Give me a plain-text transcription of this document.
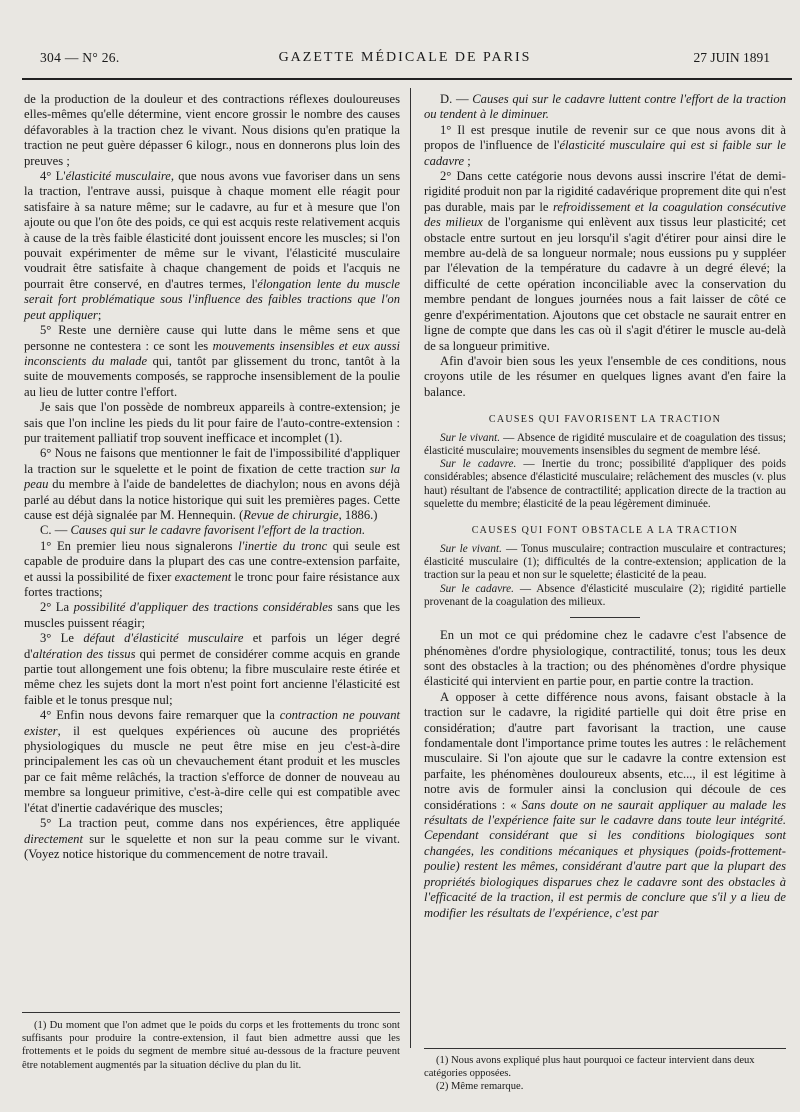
304 — N° 26.	GAZETTE MÉDICALE DE PARIS	27 JUIN 1891

de la production de la douleur et des contractions réflexes douloureuses elles-mêmes qu'elle détermine, vient encore grossir le nombre des causes défavorables à la traction chez le vivant. Nous disions qu'en pratique la traction ne peut guère dépasser 6 kilogr., nous en donnerons plus loin des preuves ;

4° L'élasticité musculaire, que nous avons vue favoriser dans un sens la traction, l'entrave aussi, puisque à chaque moment elle réagit pour satisfaire à sa nature même; sur le cadavre, au fur et à mesure que l'on ajoute ou que l'on ôte des poids, ce qui est acquis reste relativement acquis à cause de la très faible élasticité dont jouissent encore les muscles; si l'on pouvait expérimenter de même sur le vivant, l'élasticité musculaire voudrait être satisfaite à chaque changement de poids et l'acquis ne pourrait être conservé, en d'autres termes, l'élongation lente du muscle serait fort problématique sous l'influence des faibles tractions que l'on peut appliquer;

5° Reste une dernière cause qui lutte dans le même sens et que personne ne contestera : ce sont les mouvements insensibles et eux aussi inconscients du malade qui, tantôt par glissement du tronc, tantôt à la suite de mouvements composés, se rapproche insensiblement de la poulie au lieu de lutter contre l'effort.

Je sais que l'on possède de nombreux appareils à contre-extension; je sais que l'on incline les pieds du lit pour faire de l'auto-contre-extension : pur traitement palliatif trop souvent inefficace et incomplet (1).

6° Nous ne faisons que mentionner le fait de l'impossibilité d'appliquer la traction sur le squelette et le point de fixation de cette traction sur la peau du membre à l'aide de bandelettes de diachylon; nous en avons déjà parlé au début dans la notice historique qui suit les premières pages. Cette cause est déjà signalée par M. Hennequin. (Revue de chirurgie, 1886.)

C. — Causes qui sur le cadavre favorisent l'effort de la traction.

1° En premier lieu nous signalerons l'inertie du tronc qui seule est capable de produire dans la plupart des cas une contre-extension parfaite, et aussi la possibilité de fixer exactement le tronc pour faire résistance aux fortes tractions;

2° La possibilité d'appliquer des tractions considérables sans que les muscles puissent réagir;

3° Le défaut d'élasticité musculaire et parfois un léger degré d'altération des tissus qui permet de considérer comme acquis en grande partie tout allongement une fois obtenu; la fibre musculaire reste étirée et même chez les sujets dont la mort n'est point fort ancienne l'élasticité est faible et le tonus presque nul;

4° Enfin nous devons faire remarquer que la contraction ne pouvant exister, il est quelques expériences où aucune des propriétés physiologiques du muscle ne peut être mise en jeu c'est-à-dire principalement les cas où un chevauchement étant produit et les muscles par ce fait même relâchés, la traction s'efforce de donner de nouveau au membre sa longueur primitive, c'est-à-dire celle qui est compatible avec l'état d'inertie cadavérique des muscles;

5° La traction peut, comme dans nos expériences, être appliquée directement sur le squelette et non sur la peau comme sur le vivant. (Voyez notice historique du commencement de notre travail.

(1) Du moment que l'on admet que le poids du corps et les frottements du tronc sont suffisants pour produire la contre-extension, il faut bien admettre aussi que les frottements et le poids du segment de membre situé au-dessous de la fracture peuvent être notablement augmentés par la situation déclive du plan du lit.

D. — Causes qui sur le cadavre luttent contre l'effort de la traction ou tendent à le diminuer.

1° Il est presque inutile de revenir sur ce que nous avons dit à propos de l'influence de l'élasticité musculaire qui est si faible sur le cadavre ;

2° Dans cette catégorie nous devons aussi inscrire l'état de demi-rigidité produit non par la rigidité cadavérique proprement dite qui n'est pas durable, mais par le refroidissement et la coagulation consécutive des milieux de l'organisme qui enlèvent aux tissus leur plasticité; cet obstacle entre surtout en jeu lorsqu'il s'agit d'étirer pour ainsi dire le membre au-delà de sa longueur normale; nous eussions pu y suppléer par l'élevation de la température du cadavre à un degré élevé; la difficulté de cette opération inconciliable avec la conservation du membre pendant de longues journées nous a fait laisser de côté ce genre d'expérimentation. Ajoutons que cet obstacle ne saurait entrer en ligne de compte que dans les cas où il s'agit d'étirer le muscle au-delà de sa longueur primitive.

Afin d'avoir bien sous les yeux l'ensemble de ces conditions, nous croyons utile de les résumer en quelques lignes avant d'en faire la balance.

CAUSES QUI FAVORISENT LA TRACTION

Sur le vivant. — Absence de rigidité musculaire et de coagulation des tissus; élasticité musculaire; mouvements insensibles du segment de membre lésé.

Sur le cadavre. — Inertie du tronc; possibilité d'appliquer des poids considérables; absence d'élasticité musculaire; relâchement des muscles (v. plus haut) résultant de l'absence de contractilité; application directe de la traction au squelette du membre; élasticité de la peau légèrement diminuée.

CAUSES QUI FONT OBSTACLE A LA TRACTION

Sur le vivant. — Tonus musculaire; contraction musculaire et contractures; élasticité musculaire (1); difficultés de la contre-extension; application de la traction sur la peau et non sur le squelette; élasticité de la peau.

Sur le cadavre. — Absence d'élasticité musculaire (2); rigidité partielle provenant de la coagulation des milieux.

En un mot ce qui prédomine chez le cadavre c'est l'absence de phénomènes d'ordre physiologique, contractilité, tonus; tous les deux sont des obstacles à la traction; ou des phénomènes d'ordre physique élasticité qui intervient en partie pour, en partie contre la traction.

A opposer à cette différence nous avons, faisant obstacle à la traction sur le cadavre, la rigidité partielle qui doit être prise en considération; d'autre part favorisant la traction, une cause fondamentale dont l'importance prime toutes les autres : le relâchement musculaire. Si l'on ajoute que sur le cadavre la contre extension est parfaite, les phénomènes douloureux absents, etc..., il est légitime à notre avis de formuler ainsi la conclusion qui découle de ces considérations : « Sans doute on ne saurait appliquer au malade les résultats de l'expérience faite sur le cadavre dans toute leur intégrité. Cependant considérant que si les conditions biologiques sont changées, les conditions mécaniques et physiques (poids-frottement-poulie) restent les mêmes, considérant d'autre part que la plupart des propriétés biologiques disparues chez le cadavre sont des obstacles à l'efficacité de la traction, il est permis de conclure que s'il y a lieu de modifier les résultats de l'expérience, c'est par

(1) Nous avons expliqué plus haut pourquoi ce facteur intervient dans deux catégories opposées.

(2) Même remarque.
